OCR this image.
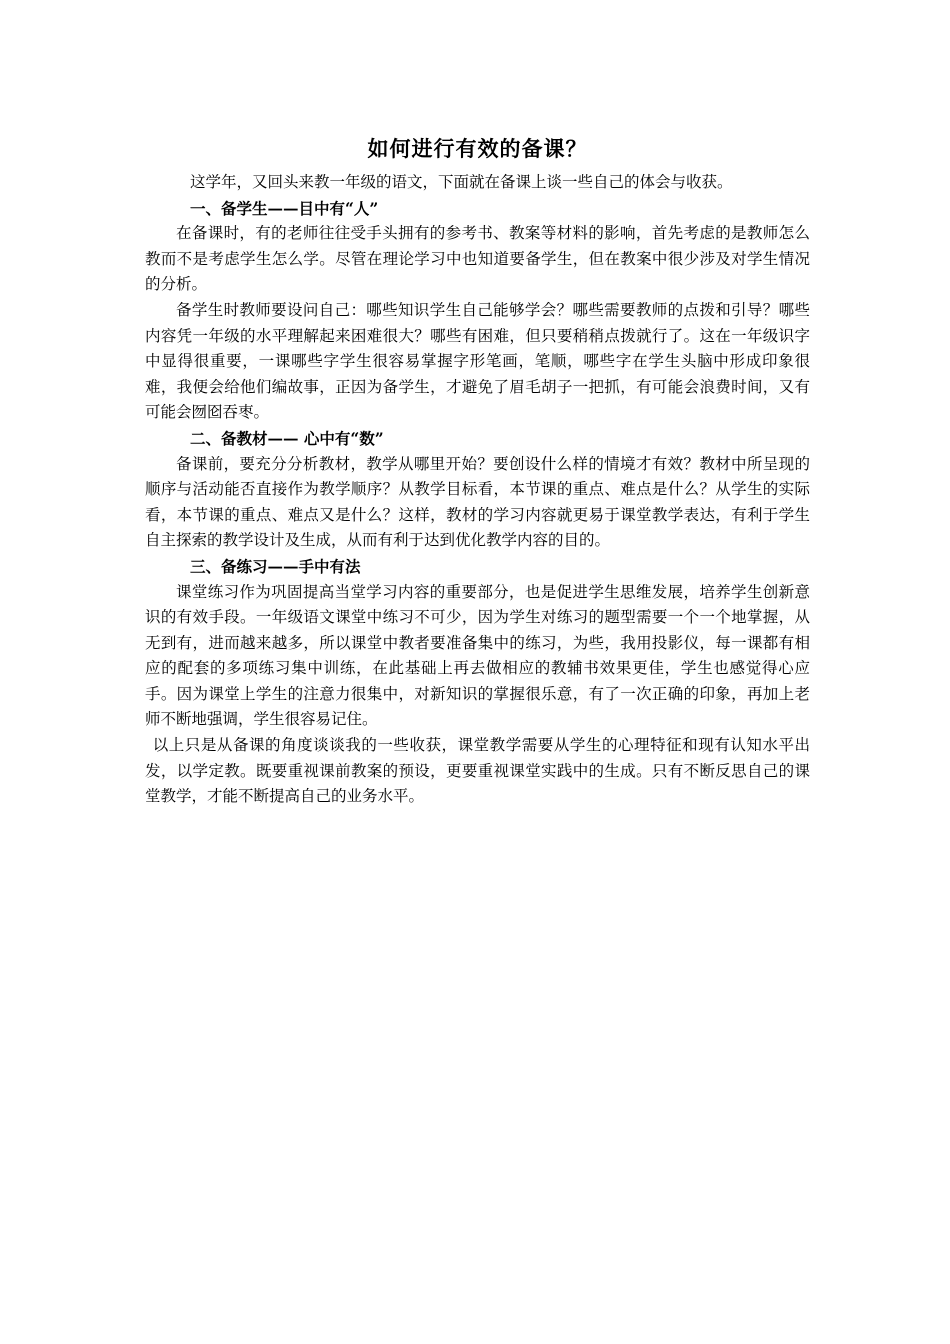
如何进行有效的备课？

这学年，又回头来教一年级的语文，下面就在备课上谈一些自己的体会与收获。

一、备学生——目中有“人”

在备课时，有的老师往往受手头拥有的参考书、教案等材料的影响，首先考虑的是教师怎么教而不是考虑学生怎么学。尽管在理论学习中也知道要备学生，但在教案中很少涉及对学生情况的分析。

备学生时教师要设问自己：哪些知识学生自己能够学会？哪些需要教师的点拨和引导？哪些内容凭一年级的水平理解起来困难很大？哪些有困难，但只要稍稍点拨就行了。这在一年级识字中显得很重要，一课哪些字学生很容易掌握字形笔画，笔顺，哪些字在学生头脑中形成印象很难，我便会给他们编故事，正因为备学生，才避免了眉毛胡子一把抓，有可能会浪费时间，又有可能会囫囵吞枣。

二、备教材—— 心中有“数”

备课前，要充分分析教材，教学从哪里开始？要创设什么样的情境才有效？教材中所呈现的顺序与活动能否直接作为教学顺序？从教学目标看，本节课的重点、难点是什么？从学生的实际看，本节课的重点、难点又是什么？这样，教材的学习内容就更易于课堂教学表达，有利于学生自主探索的教学设计及生成，从而有利于达到优化教学内容的目的。

三、备练习——手中有法

课堂练习作为巩固提高当堂学习内容的重要部分，也是促进学生思维发展，培养学生创新意识的有效手段。一年级语文课堂中练习不可少，因为学生对练习的题型需要一个一个地掌握，从无到有，进而越来越多，所以课堂中教者要准备集中的练习，为些，我用投影仪，每一课都有相应的配套的多项练习集中训练，在此基础上再去做相应的教辅书效果更佳，学生也感觉得心应手。因为课堂上学生的注意力很集中，对新知识的掌握很乐意，有了一次正确的印象，再加上老师不断地强调，学生很容易记住。

以上只是从备课的角度谈谈我的一些收获，课堂教学需要从学生的心理特征和现有认知水平出发，以学定教。既要重视课前教案的预设，更要重视课堂实践中的生成。只有不断反思自己的课堂教学，才能不断提高自己的业务水平。
